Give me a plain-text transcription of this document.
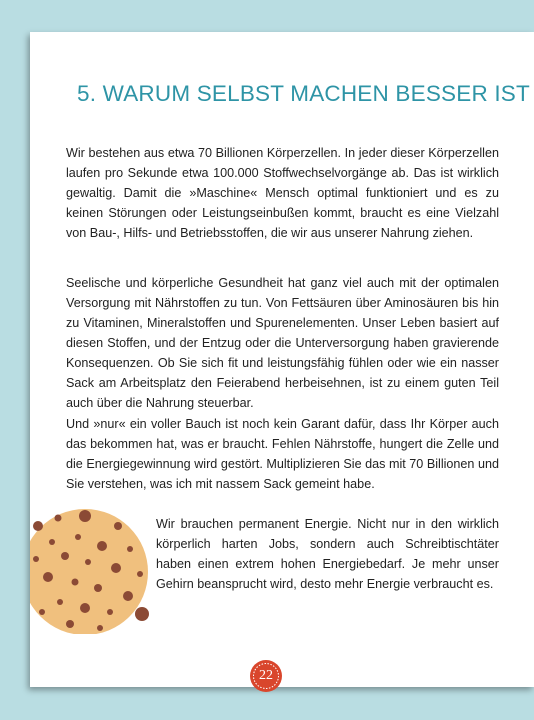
5. WARUM SELBST MACHEN BESSER IST

Wir bestehen aus etwa 70 Billionen Körperzellen. In jeder dieser Körperzellen laufen pro Sekunde etwa 100.000 Stoffwechselvorgänge ab. Das ist wirklich gewaltig. Damit die »Maschine« Mensch optimal funktioniert und es zu keinen Störungen oder Leistungseinbußen kommt, braucht es eine Vielzahl von Bau-, Hilfs- und Betriebsstoffen, die wir aus unserer Nahrung ziehen.

Seelische und körperliche Gesundheit hat ganz viel auch mit der optimalen Versorgung mit Nährstoffen zu tun. Von Fettsäuren über Aminosäuren bis hin zu Vitaminen, Mineralstoffen und Spurenelementen. Unser Leben basiert auf diesen Stoffen, und der Entzug oder die Unterversorgung haben gravierende Konsequenzen. Ob Sie sich fit und leistungsfähig fühlen oder wie ein nasser Sack am Arbeitsplatz den Feierabend herbeisehnen, ist zu einem guten Teil auch über die Nahrung steuerbar.

Und »nur« ein voller Bauch ist noch kein Garant dafür, dass Ihr Körper auch das bekommen hat, was er braucht. Fehlen Nährstoffe, hungert die Zelle und die Energiegewinnung wird gestört. Multiplizieren Sie das mit 70 Billionen und Sie verstehen, was ich mit nassem Sack gemeint habe.

Wir brauchen permanent Energie. Nicht nur in den wirklich körperlich harten Jobs, sondern auch Schreibtischtäter haben einen extrem hohen Energiebedarf. Je mehr unser Gehirn beansprucht wird, desto mehr Energie verbraucht es.

22
